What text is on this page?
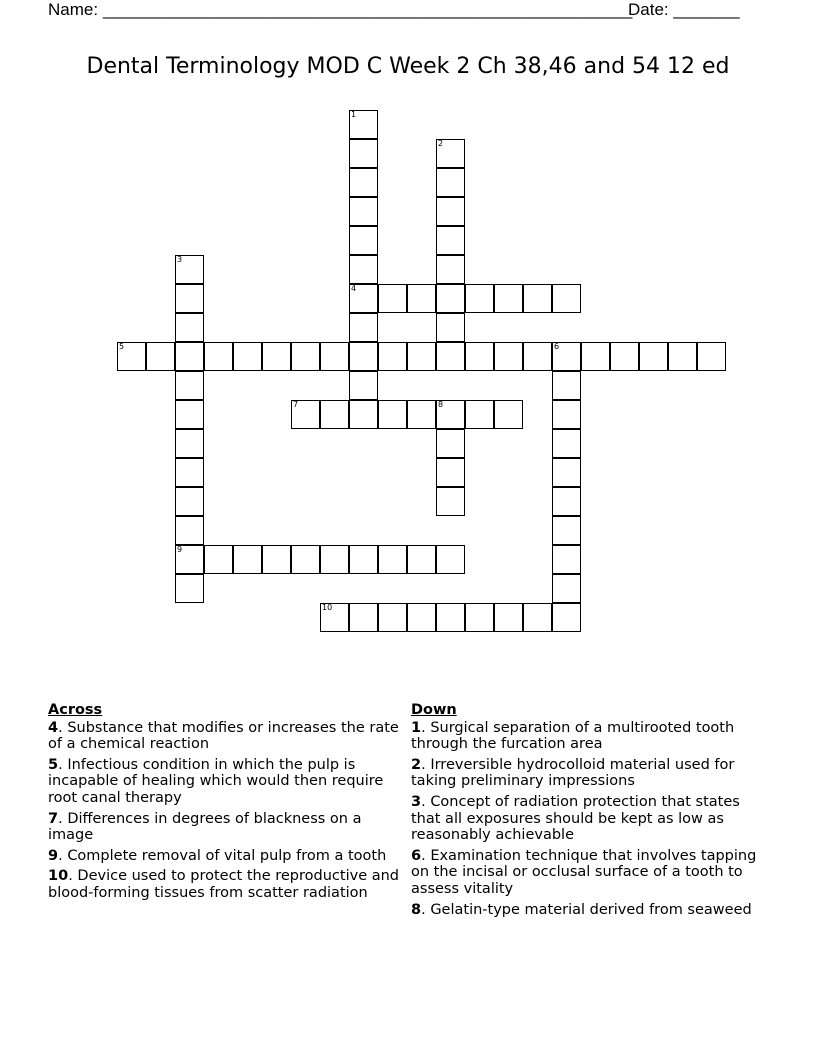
Name: ________________________________________________________
Date: _______
Dental Terminology MOD C Week 2 Ch 38,46 and 54 12 ed
1
4
2
3
9
5	6
7	8
10
Across
4. Substance that modifies or increases the rate of a chemical reaction
5. Infectious condition in which the pulp is incapable of healing which would then require root canal therapy
7. Differences in degrees of blackness on a image
9. Complete removal of vital pulp from a tooth
10. Device used to protect the reproductive and blood-forming tissues from scatter radiation
Down
1. Surgical separation of a multirooted tooth through the furcation area
2. Irreversible hydrocolloid material used for taking preliminary impressions
3. Concept of radiation protection that states that all exposures should be kept as low as reasonably achievable
6. Examination technique that involves tapping on the incisal or occlusal surface of a tooth to assess vitality
8. Gelatin-type material derived from seaweed
